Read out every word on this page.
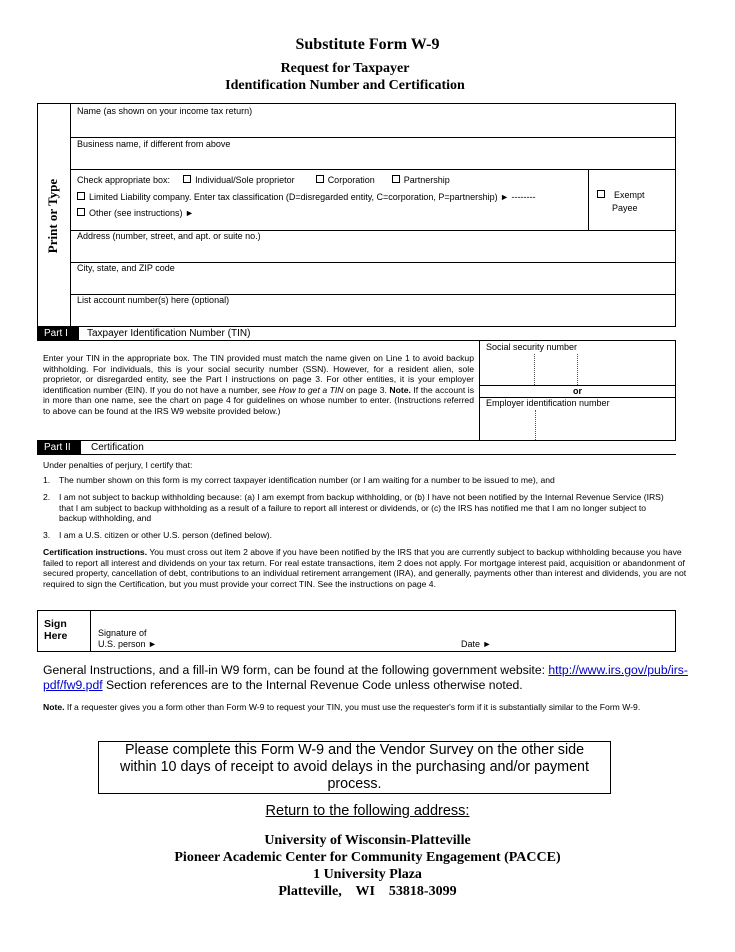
Substitute Form W-9
Request for Taxpayer
Identification Number and Certification
Print or Type
Name (as shown on your income tax return)
Business name, if different from above
Check appropriate box:	Individual/Sole proprietor	Corporation	Partnership
Limited Liability company. Enter tax classification (D=disregarded entity, C=corporation, P=partnership) ► --------
Other (see instructions) ►
Exempt
Payee
Address (number, street, and apt. or suite no.)
City, state, and ZIP code
List account number(s) here (optional)
Part I	Taxpayer Identification Number (TIN)
Enter your TIN in the appropriate box. The TIN provided must match the name given on Line 1 to avoid backup withholding. For individuals, this is your social security number (SSN). However, for a resident alien, sole proprietor, or disregarded entity, see the Part I instructions on page 3. For other entities, it is your employer identification number (EIN). If you do not have a number, see How to get a TIN on page 3. Note. If the account is in more than one name, see the chart on page 4 for guidelines on whose number to enter. (Instructions referred to above can be found at the IRS W9 website provided below.)
Social security number
or
Employer identification number
Part II	Certification
Under penalties of perjury, I certify that:
1. The number shown on this form is my correct taxpayer identification number (or I am waiting for a number to be issued to me), and
2. I am not subject to backup withholding because: (a) I am exempt from backup withholding, or (b) I have not been notified by the Internal Revenue Service (IRS) that I am subject to backup withholding as a result of a failure to report all interest or dividends, or (c) the IRS has notified me that I am no longer subject to backup withholding, and
3. I am a U.S. citizen or other U.S. person (defined below).
Certification instructions. You must cross out item 2 above if you have been notified by the IRS that you are currently subject to backup withholding because you have failed to report all interest and dividends on your tax return. For real estate transactions, item 2 does not apply. For mortgage interest paid, acquisition or abandonment of secured property, cancellation of debt, contributions to an individual retirement arrangement (IRA), and generally, payments other than interest and dividends, you are not required to sign the Certification, but you must provide your correct TIN. See the instructions on page 4.
Sign
Here	Signature of
U.S. person ►	Date ►
General Instructions, and a fill-in W9 form, can be found at the following government website: http://www.irs.gov/pub/irs-pdf/fw9.pdf Section references are to the Internal Revenue Code unless otherwise noted.
Note. If a requester gives you a form other than Form W-9 to request your TIN, you must use the requester's form if it is substantially similar to the Form W-9.
Please complete this Form W-9 and the Vendor Survey on the other side within 10 days of receipt to avoid delays in the purchasing and/or payment process.
Return to the following address:
University of Wisconsin-Platteville
Pioneer Academic Center for Community Engagement (PACCE)
1 University Plaza
Platteville,    WI    53818-3099
